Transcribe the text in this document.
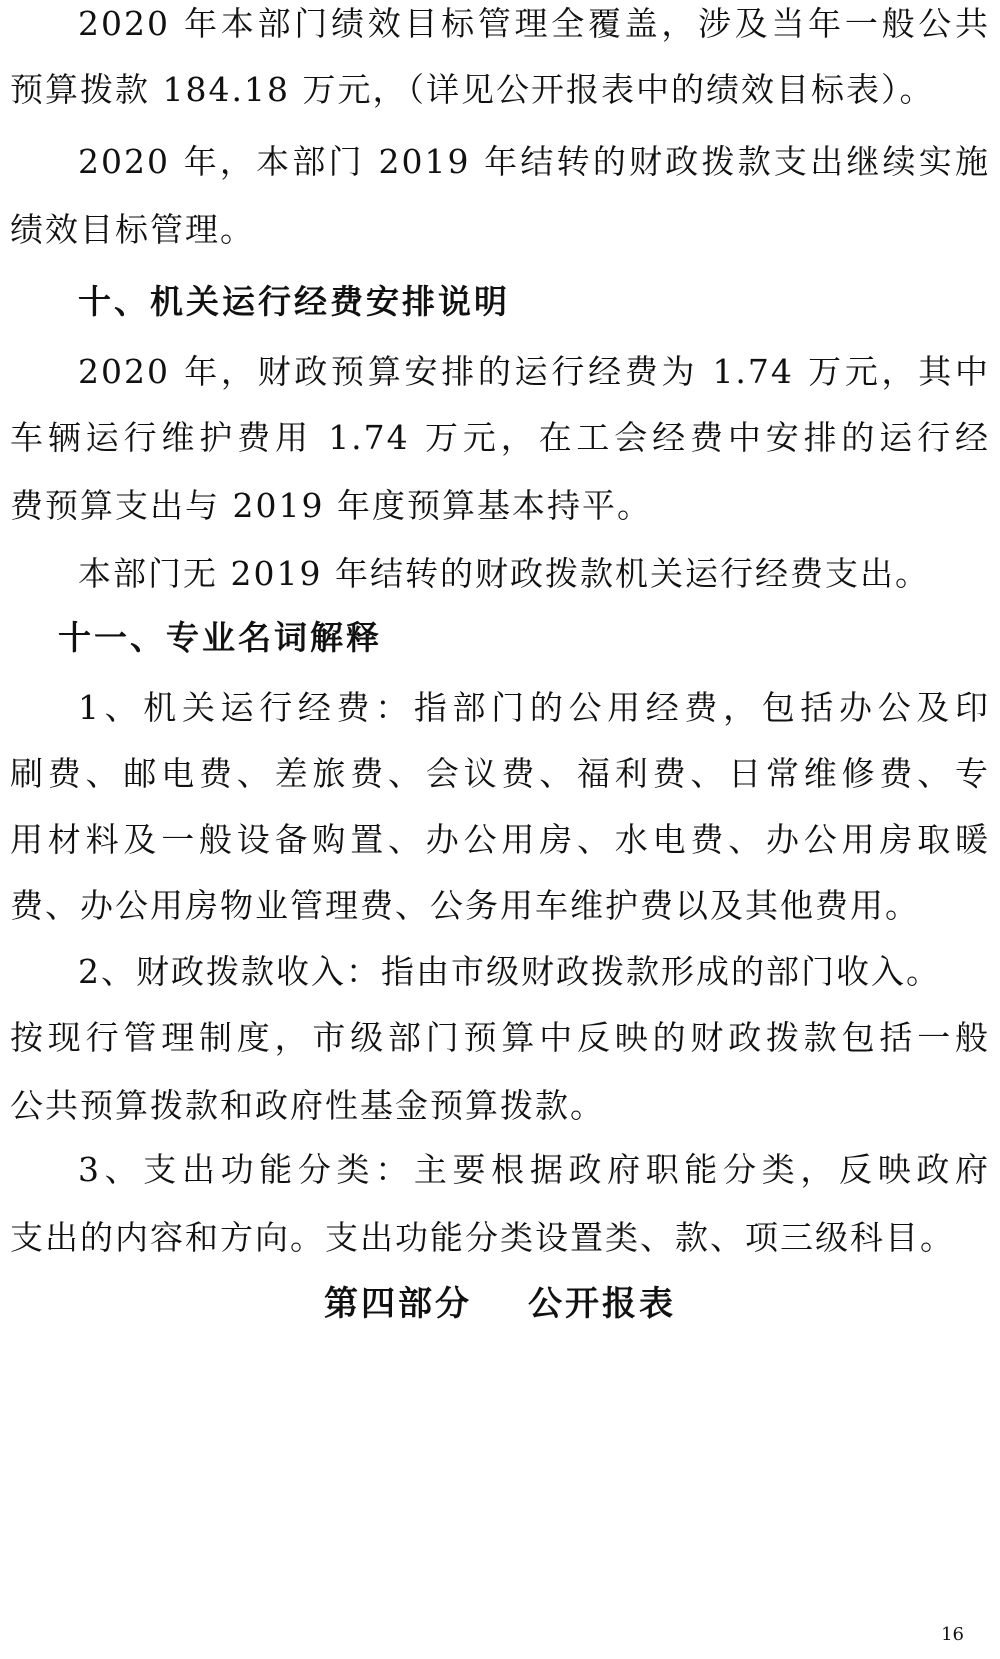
2020 年本部门绩效目标管理全覆盖，涉及当年一般公共
预算拨款 184.18 万元，（详见公开报表中的绩效目标表）。
2020 年，本部门 2019 年结转的财政拨款支出继续实施
绩效目标管理。
十、机关运行经费安排说明
2020 年，财政预算安排的运行经费为 1.74 万元，其中
车辆运行维护费用 1.74 万元，在工会经费中安排的运行经
费预算支出与 2019 年度预算基本持平。
本部门无 2019 年结转的财政拨款机关运行经费支出。
十一、专业名词解释
1、机关运行经费：指部门的公用经费，包括办公及印
刷费、邮电费、差旅费、会议费、福利费、日常维修费、专
用材料及一般设备购置、办公用房、水电费、办公用房取暖
费、办公用房物业管理费、公务用车维护费以及其他费用。
2、财政拨款收入：指由市级财政拨款形成的部门收入。
按现行管理制度，市级部门预算中反映的财政拨款包括一般
公共预算拨款和政府性基金预算拨款。
3、支出功能分类：主要根据政府职能分类，反映政府
支出的内容和方向。支出功能分类设置类、款、项三级科目。
第四部分 公开报表
16
